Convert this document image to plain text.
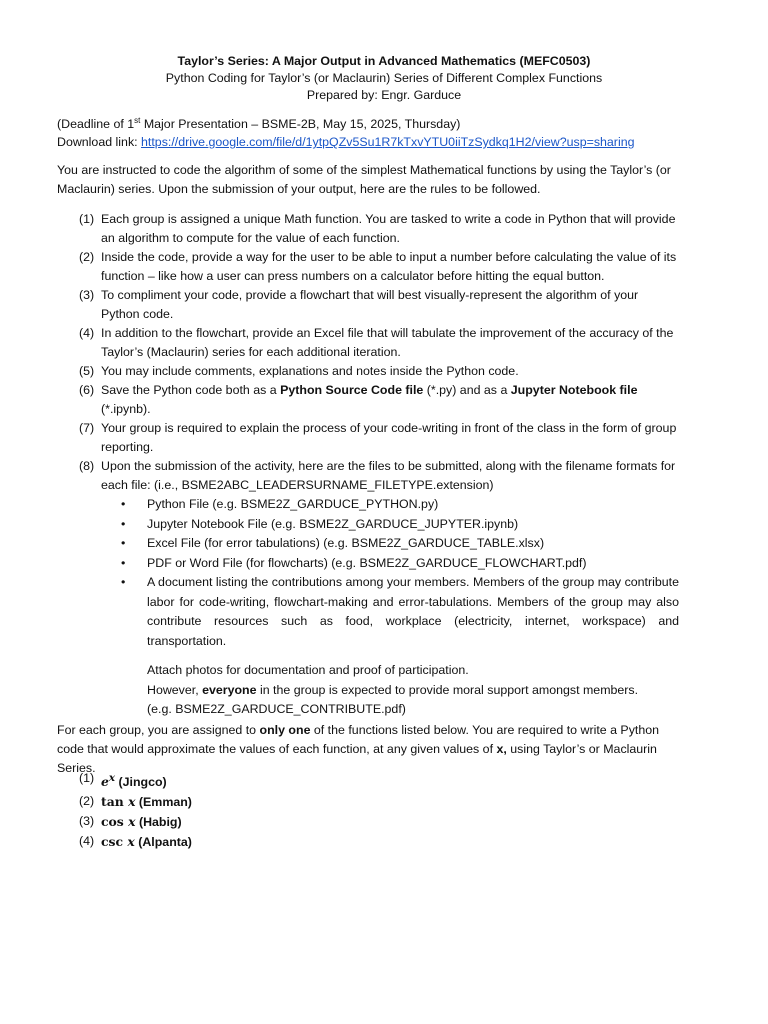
Taylor’s Series: A Major Output in Advanced Mathematics (MEFC0503)
Python Coding for Taylor’s (or Maclaurin) Series of Different Complex Functions
Prepared by: Engr. Garduce
(Deadline of 1st Major Presentation – BSME-2B, May 15, 2025, Thursday)
Download link: https://drive.google.com/file/d/1ytpQZv5Su1R7kTxvYTU0iiTzSydkq1H2/view?usp=sharing
You are instructed to code the algorithm of some of the simplest Mathematical functions by using the Taylor’s (or Maclaurin) series. Upon the submission of your output, here are the rules to be followed.
(1) Each group is assigned a unique Math function. You are tasked to write a code in Python that will provide an algorithm to compute for the value of each function.
(2) Inside the code, provide a way for the user to be able to input a number before calculating the value of its function – like how a user can press numbers on a calculator before hitting the equal button.
(3) To compliment your code, provide a flowchart that will best visually-represent the algorithm of your Python code.
(4) In addition to the flowchart, provide an Excel file that will tabulate the improvement of the accuracy of the Taylor’s (Maclaurin) series for each additional iteration.
(5) You may include comments, explanations and notes inside the Python code.
(6) Save the Python code both as a Python Source Code file (*.py) and as a Jupyter Notebook file (*.ipynb).
(7) Your group is required to explain the process of your code-writing in front of the class in the form of group reporting.
(8) Upon the submission of the activity, here are the files to be submitted, along with the filename formats for each file: (i.e., BSME2ABC_LEADERSURNAME_FILETYPE.extension)
• Python File (e.g. BSME2Z_GARDUCE_PYTHON.py)
• Jupyter Notebook File (e.g. BSME2Z_GARDUCE_JUPYTER.ipynb)
• Excel File (for error tabulations) (e.g. BSME2Z_GARDUCE_TABLE.xlsx)
• PDF or Word File (for flowcharts) (e.g. BSME2Z_GARDUCE_FLOWCHART.pdf)
• A document listing the contributions among your members. Members of the group may contribute labor for code-writing, flowchart-making and error-tabulations. Members of the group may also contribute resources such as food, workplace (electricity, internet, workspace) and transportation.
Attach photos for documentation and proof of participation.
However, everyone in the group is expected to provide moral support amongst members.
(e.g. BSME2Z_GARDUCE_CONTRIBUTE.pdf)
For each group, you are assigned to only one of the functions listed below. You are required to write a Python code that would approximate the values of each function, at any given values of x, using Taylor’s or Maclaurin Series.
(1) $e^x$ (Jingco)
(2) tan x (Emman)
(3) cos x (Habig)
(4) csc x (Alpanta)
